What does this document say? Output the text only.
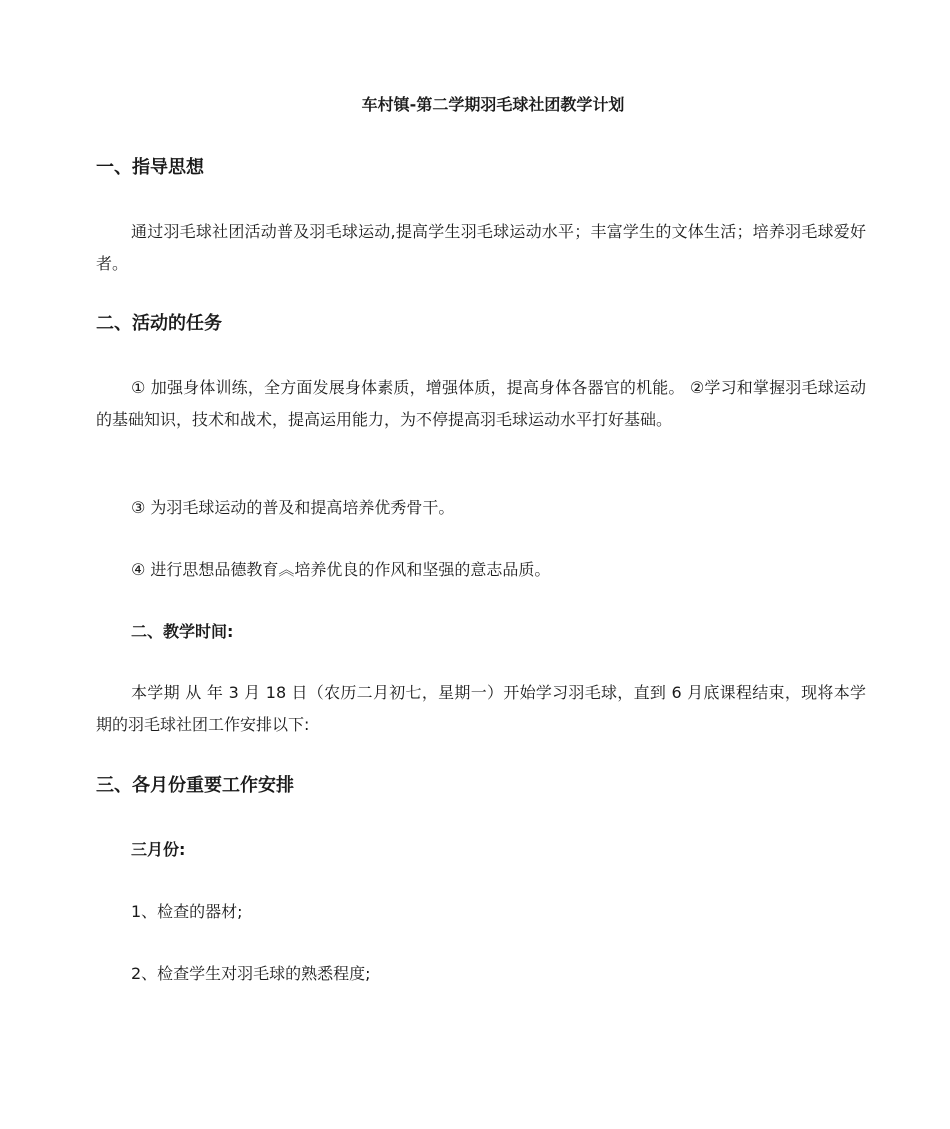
车村镇-第二学期羽毛球社团教学计划
一、指导思想
通过羽毛球社团活动普及羽毛球运动,提高学生羽毛球运动水平；丰富学生的文体生活；培养羽毛球爱好者。
二、活动的任务
① 加强身体训练，全方面发展身体素质，增强体质，提高身体各器官的机能。 ②学习和掌握羽毛球运动的基础知识，技术和战术，提高运用能力，为不停提高羽毛球运动水平打好基础。
③ 为羽毛球运动的普及和提高培养优秀骨干。
④ 进行思想品德教育︽培养优良的作风和坚强的意志品质。
二、教学时间:
本学期 从 年 3 月 18 日（农历二月初七，星期一）开始学习羽毛球，直到 6 月底课程结束，现将本学期的羽毛球社团工作安排以下:
三、各月份重要工作安排
三月份:
1、检查的器材;
2、检查学生对羽毛球的熟悉程度;
